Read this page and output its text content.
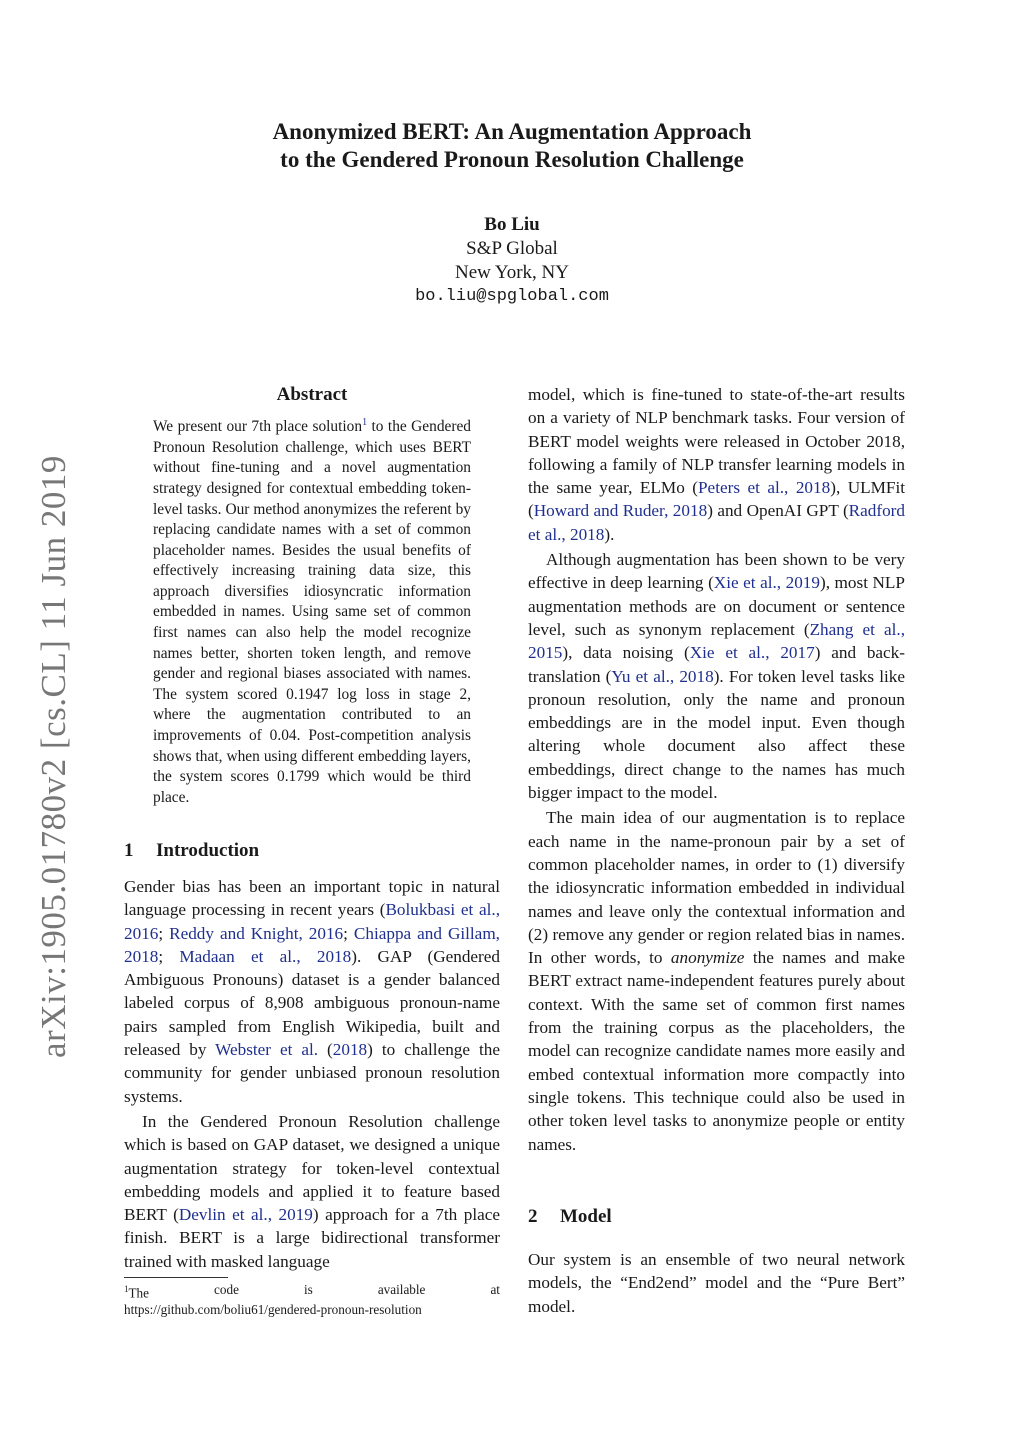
arXiv:1905.01780v2 [cs.CL] 11 Jun 2019
Anonymized BERT: An Augmentation Approach
to the Gendered Pronoun Resolution Challenge
Bo Liu
S&P Global
New York, NY
bo.liu@spglobal.com
Abstract
We present our 7th place solution$^1$ to the Gendered Pronoun Resolution challenge, which uses BERT without fine-tuning and a novel augmentation strategy designed for contextual embedding token-level tasks. Our method anonymizes the referent by replacing candidate names with a set of common placeholder names. Besides the usual benefits of effectively increasing training data size, this approach diversifies idiosyncratic information embedded in names. Using same set of common first names can also help the model recognize names better, shorten token length, and remove gender and regional biases associated with names. The system scored 0.1947 log loss in stage 2, where the augmentation contributed to an improvements of 0.04. Post-competition analysis shows that, when using different embedding layers, the system scores 0.1799 which would be third place.
1 Introduction

Gender bias has been an important topic in natural language processing in recent years (Bolukbasi et al., 2016; Reddy and Knight, 2016; Chiappa and Gillam, 2018; Madaan et al., 2018). GAP (Gendered Ambiguous Pronouns) dataset is a gender balanced labeled corpus of 8,908 ambiguous pronoun-name pairs sampled from English Wikipedia, built and released by Webster et al. (2018) to challenge the community for gender unbiased pronoun resolution systems.

In the Gendered Pronoun Resolution challenge which is based on GAP dataset, we designed a unique augmentation strategy for token-level contextual embedding models and applied it to feature based BERT (Devlin et al., 2019) approach for a 7th place finish. BERT is a large bidirectional transformer trained with masked language

$^1$The	code	is	available	at
https://github.com/boliu61/gendered-pronoun-resolution

model, which is fine-tuned to state-of-the-art results on a variety of NLP benchmark tasks. Four version of BERT model weights were released in October 2018, following a family of NLP transfer learning models in the same year, ELMo (Peters et al., 2018), ULMFit (Howard and Ruder, 2018) and OpenAI GPT (Radford et al., 2018).

Although augmentation has been shown to be very effective in deep learning (Xie et al., 2019), most NLP augmentation methods are on document or sentence level, such as synonym replacement (Zhang et al., 2015), data noising (Xie et al., 2017) and back-translation (Yu et al., 2018). For token level tasks like pronoun resolution, only the name and pronoun embeddings are in the model input. Even though altering whole document also affect these embeddings, direct change to the names has much bigger impact to the model.

The main idea of our augmentation is to replace each name in the name-pronoun pair by a set of common placeholder names, in order to (1) diversify the idiosyncratic information embedded in individual names and leave only the contextual information and (2) remove any gender or region related bias in names. In other words, to anonymize the names and make BERT extract name-independent features purely about context. With the same set of common first names from the training corpus as the placeholders, the model can recognize candidate names more easily and embed contextual information more compactly into single tokens. This technique could also be used in other token level tasks to anonymize people or entity names.

2 Model

Our system is an ensemble of two neural network models, the “End2end” model and the “Pure Bert” model.
